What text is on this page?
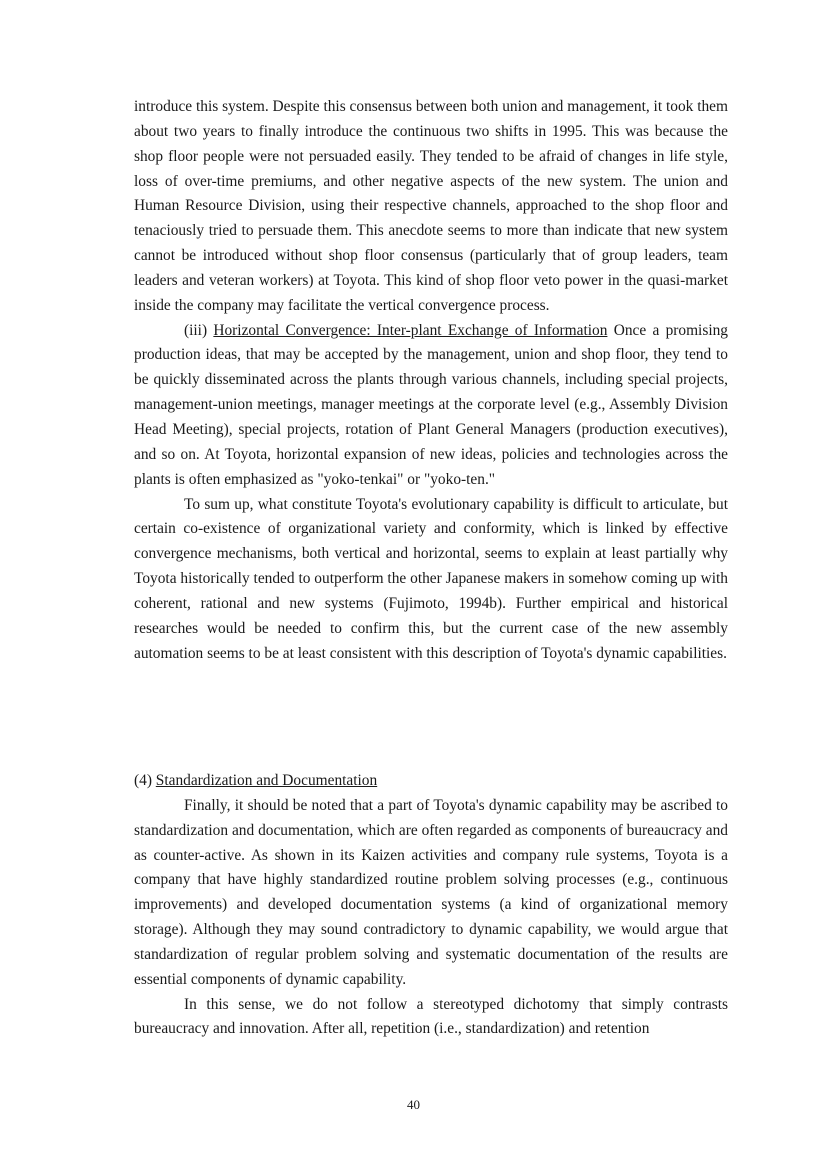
introduce this system. Despite this consensus between both union and management, it took them about two years to finally introduce the continuous two shifts in 1995. This was because the shop floor people were not persuaded easily. They tended to be afraid of changes in life style, loss of over-time premiums, and other negative aspects of the new system. The union and Human Resource Division, using their respective channels, approached to the shop floor and tenaciously tried to persuade them. This anecdote seems to more than indicate that new system cannot be introduced without shop floor consensus (particularly that of group leaders, team leaders and veteran workers) at Toyota. This kind of shop floor veto power in the quasi-market inside the company may facilitate the vertical convergence process.

(iii) Horizontal Convergence: Inter-plant Exchange of Information Once a promising production ideas, that may be accepted by the management, union and shop floor, they tend to be quickly disseminated across the plants through various channels, including special projects, management-union meetings, manager meetings at the corporate level (e.g., Assembly Division Head Meeting), special projects, rotation of Plant General Managers (production executives), and so on. At Toyota, horizontal expansion of new ideas, policies and technologies across the plants is often emphasized as "yoko-tenkai" or "yoko-ten."

To sum up, what constitute Toyota's evolutionary capability is difficult to articulate, but certain co-existence of organizational variety and conformity, which is linked by effective convergence mechanisms, both vertical and horizontal, seems to explain at least partially why Toyota historically tended to outperform the other Japanese makers in somehow coming up with coherent, rational and new systems (Fujimoto, 1994b). Further empirical and historical researches would be needed to confirm this, but the current case of the new assembly automation seems to be at least consistent with this description of Toyota's dynamic capabilities.

(4) Standardization and Documentation

Finally, it should be noted that a part of Toyota's dynamic capability may be ascribed to standardization and documentation, which are often regarded as components of bureaucracy and as counter-active. As shown in its Kaizen activities and company rule systems, Toyota is a company that have highly standardized routine problem solving processes (e.g., continuous improvements) and developed documentation systems (a kind of organizational memory storage). Although they may sound contradictory to dynamic capability, we would argue that standardization of regular problem solving and systematic documentation of the results are essential components of dynamic capability.

In this sense, we do not follow a stereotyped dichotomy that simply contrasts bureaucracy and innovation. After all, repetition (i.e., standardization) and retention

40
